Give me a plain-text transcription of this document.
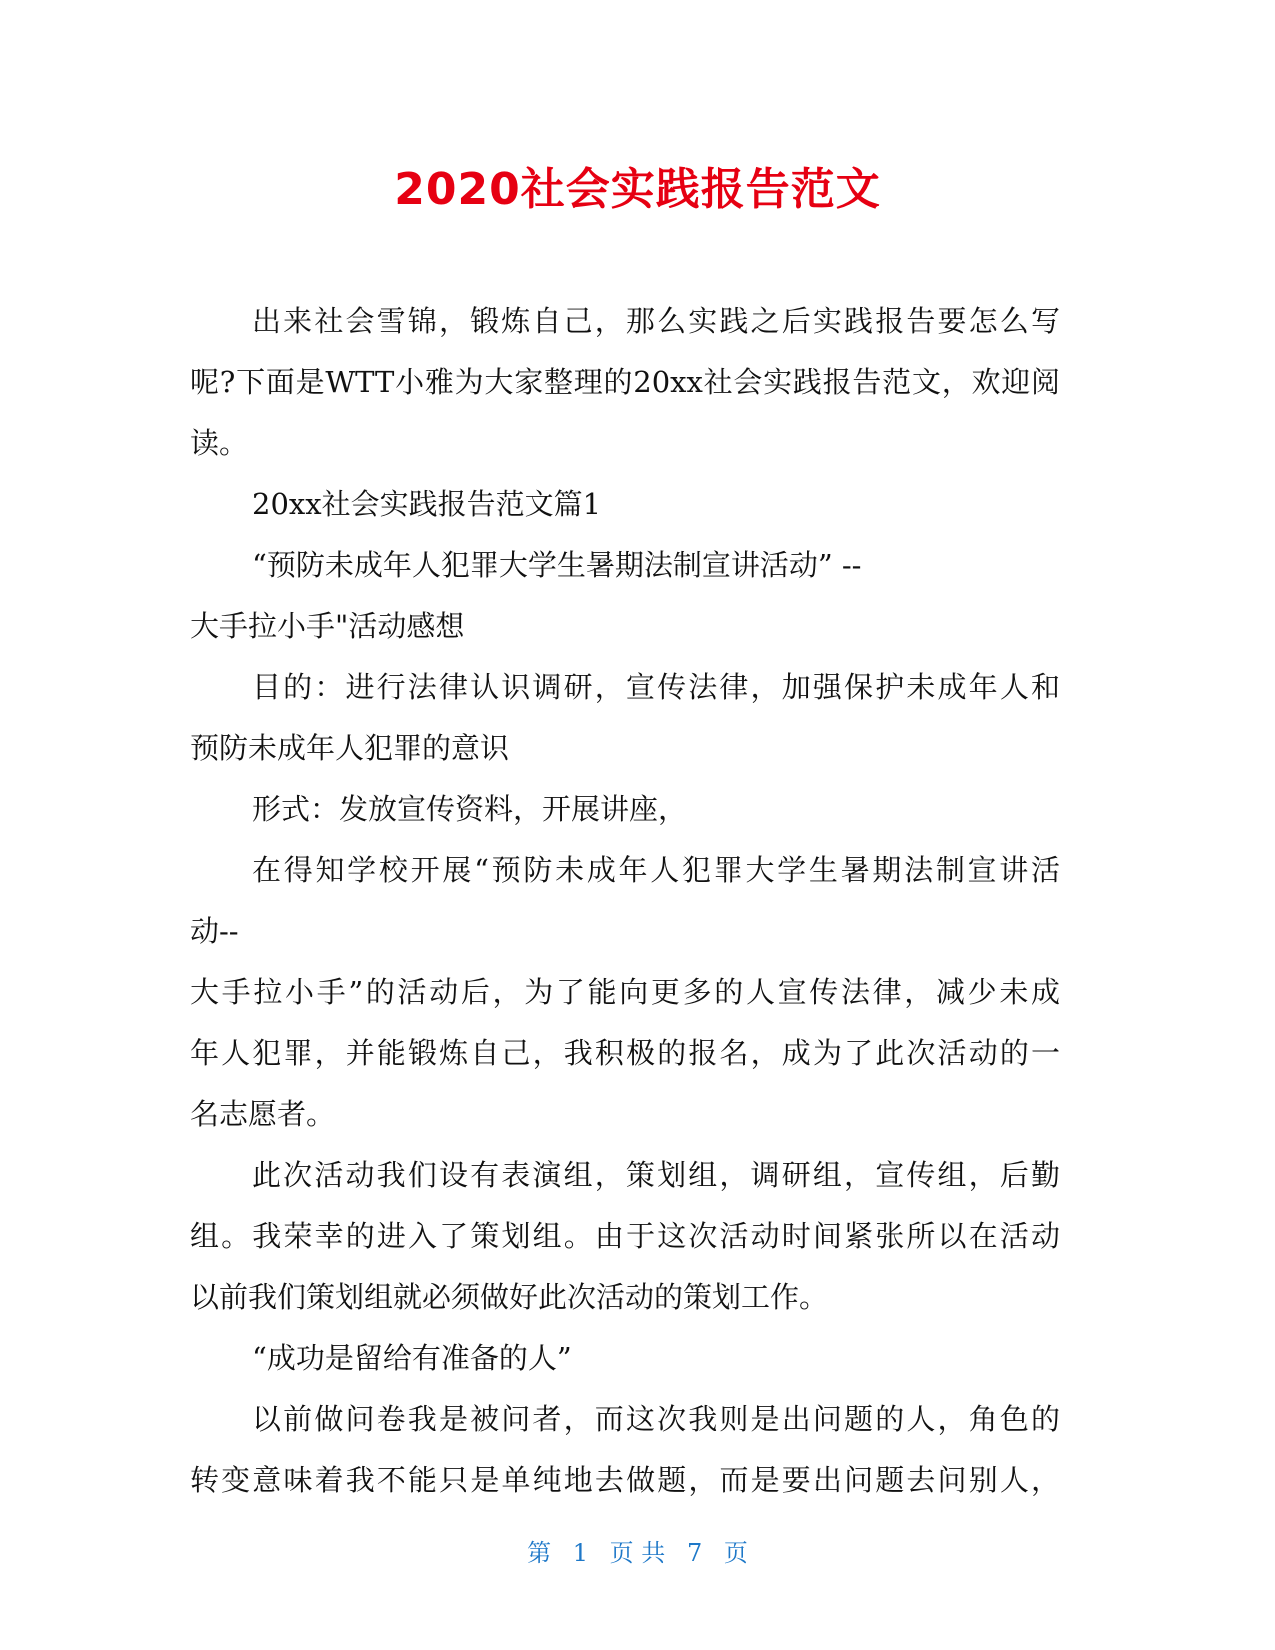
2020社会实践报告范文
出来社会雪锦，锻炼自己，那么实践之后实践报告要怎么写
呢?下面是WTT小雅为大家整理的20xx社会实践报告范文，欢迎阅
读。
20xx社会实践报告范文篇1
“预防未成年人犯罪大学生暑期法制宣讲活动” --
大手拉小手"活动感想
目的：进行法律认识调研，宣传法律，加强保护未成年人和
预防未成年人犯罪的意识
形式：发放宣传资料，开展讲座，
在得知学校开展“预防未成年人犯罪大学生暑期法制宣讲活
动--
大手拉小手”的活动后，为了能向更多的人宣传法律，减少未成
年人犯罪，并能锻炼自己，我积极的报名，成为了此次活动的一
名志愿者。
此次活动我们设有表演组，策划组，调研组，宣传组，后勤
组。我荣幸的进入了策划组。由于这次活动时间紧张所以在活动
以前我们策划组就必须做好此次活动的策划工作。
“成功是留给有准备的人”
以前做问卷我是被问者，而这次我则是出问题的人，角色的
转变意味着我不能只是单纯地去做题，而是要出问题去问别人，
第 1 页 共 7 页
